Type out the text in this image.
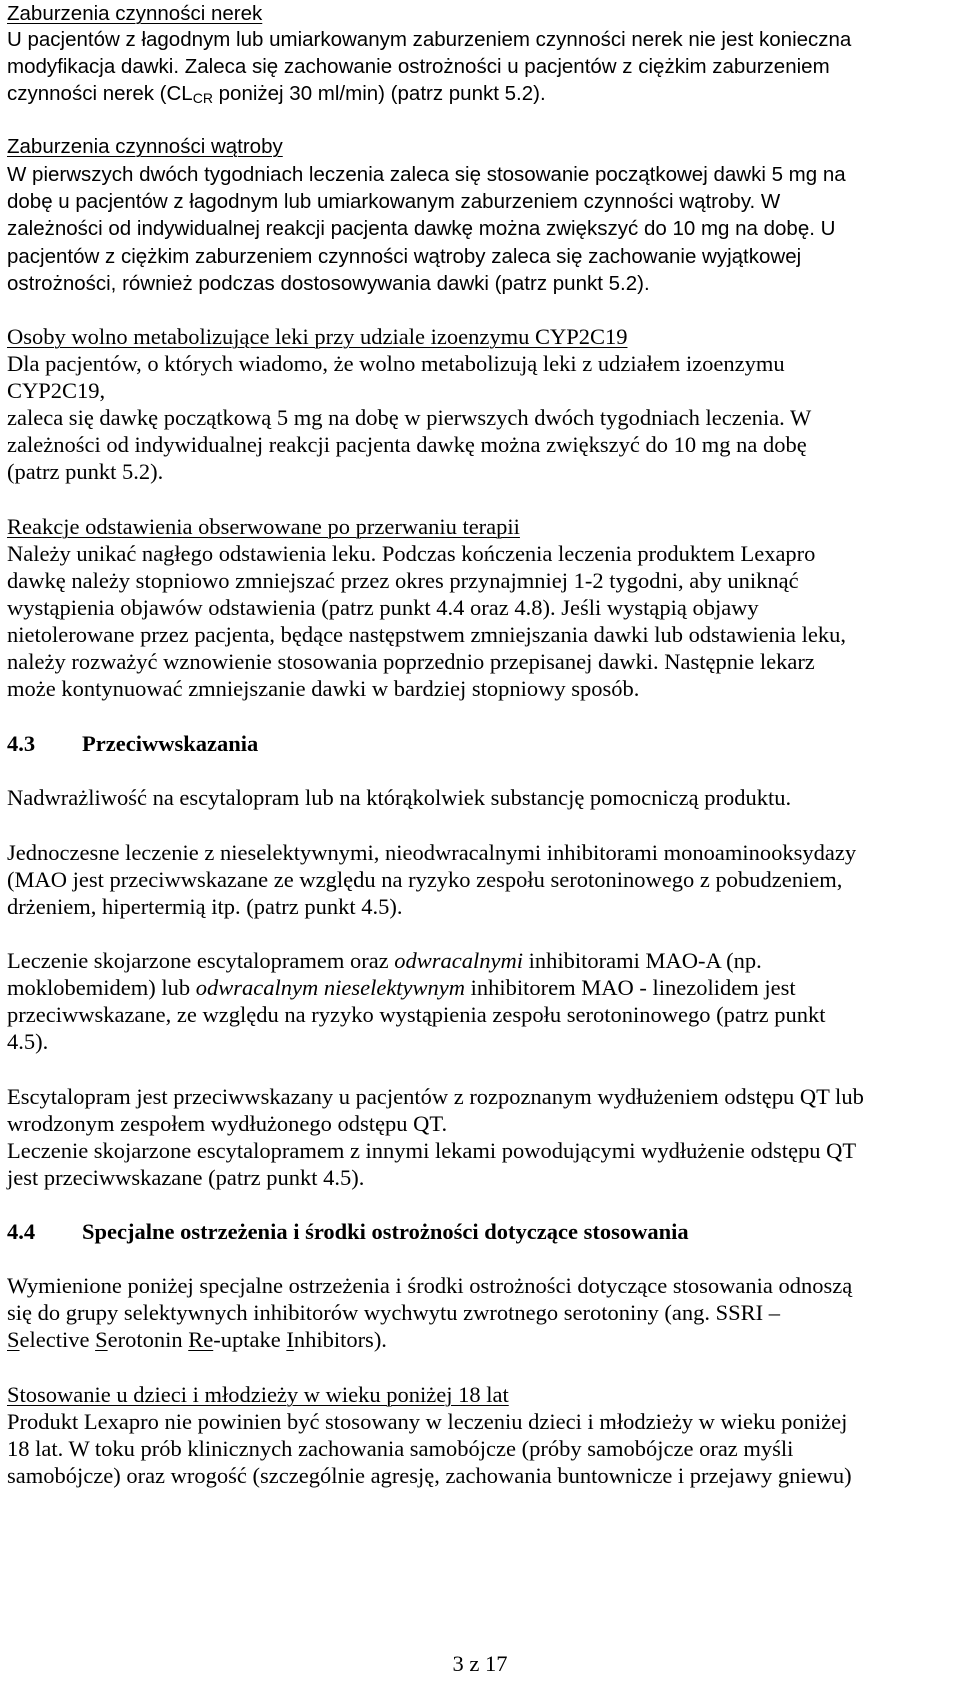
Zaburzenia czynności nerek
U pacjentów z łagodnym lub umiarkowanym zaburzeniem czynności nerek nie jest konieczna
modyfikacja dawki. Zaleca się zachowanie ostrożności u pacjentów z ciężkim zaburzeniem
czynności nerek ($CL_{CR}$ poniżej 30 ml/min) (patrz punkt 5.2).
Zaburzenia czynności wątroby
W pierwszych dwóch tygodniach leczenia zaleca się stosowanie początkowej dawki 5 mg na
dobę u pacjentów z łagodnym lub umiarkowanym zaburzeniem czynności wątroby. W
zależności od indywidualnej reakcji pacjenta dawkę można zwiększyć do 10 mg na dobę. U
pacjentów z ciężkim zaburzeniem czynności wątroby zaleca się zachowanie wyjątkowej
ostrożności, również podczas dostosowywania dawki (patrz punkt 5.2).
Osoby wolno metabolizujące leki przy udziale izoenzymu CYP2C19
Dla pacjentów, o których wiadomo, że wolno metabolizują leki z udziałem izoenzymu
CYP2C19,
zaleca się dawkę początkową 5 mg na dobę w pierwszych dwóch tygodniach leczenia. W
zależności od indywidualnej reakcji pacjenta dawkę można zwiększyć do 10 mg na dobę
(patrz punkt 5.2).
Reakcje odstawienia obserwowane po przerwaniu terapii
Należy unikać nagłego odstawienia leku. Podczas kończenia leczenia produktem Lexapro
dawkę należy stopniowo zmniejszać przez okres przynajmniej 1-2 tygodni, aby uniknąć
wystąpienia objawów odstawienia (patrz punkt 4.4 oraz 4.8). Jeśli wystąpią objawy
nietolerowane przez pacjenta, będące następstwem zmniejszania dawki lub odstawienia leku,
należy rozważyć wznowienie stosowania poprzednio przepisanej dawki. Następnie lekarz
może kontynuować zmniejszanie dawki w bardziej stopniowy sposób.
4.3 Przeciwwskazania
Nadwrażliwość na escytalopram lub na którąkolwiek substancję pomocniczą produktu.
Jednoczesne leczenie z nieselektywnymi, nieodwracalnymi inhibitorami monoaminooksydazy
(MAO jest przeciwwskazane ze względu na ryzyko zespołu serotoninowego z pobudzeniem,
drżeniem, hipertermią itp. (patrz punkt 4.5).
Leczenie skojarzone escytalopramem oraz odwracalnymi inhibitorami MAO-A (np.
moklobemidem) lub odwracalnym nieselektywnym inhibitorem MAO - linezolidem jest
przeciwwskazane, ze względu na ryzyko wystąpienia zespołu serotoninowego (patrz punkt
4.5).
Escytalopram jest przeciwwskazany u pacjentów z rozpoznanym wydłużeniem odstępu QT lub
wrodzonym zespołem wydłużonego odstępu QT.
Leczenie skojarzone escytalopramem z innymi lekami powodującymi wydłużenie odstępu QT
jest przeciwwskazane (patrz punkt 4.5).
4.4 Specjalne ostrzeżenia i środki ostrożności dotyczące stosowania
Wymienione poniżej specjalne ostrzeżenia i środki ostrożności dotyczące stosowania odnoszą
się do grupy selektywnych inhibitorów wychwytu zwrotnego serotoniny (ang. SSRI –
Selective Serotonin Re-uptake Inhibitors).
Stosowanie u dzieci i młodzieży w wieku poniżej 18 lat
Produkt Lexapro nie powinien być stosowany w leczeniu dzieci i młodzieży w wieku poniżej
18 lat. W toku prób klinicznych zachowania samobójcze (próby samobójcze oraz myśli
samobójcze) oraz wrogość (szczególnie agresję, zachowania buntownicze i przejawy gniewu)
3 z 17
